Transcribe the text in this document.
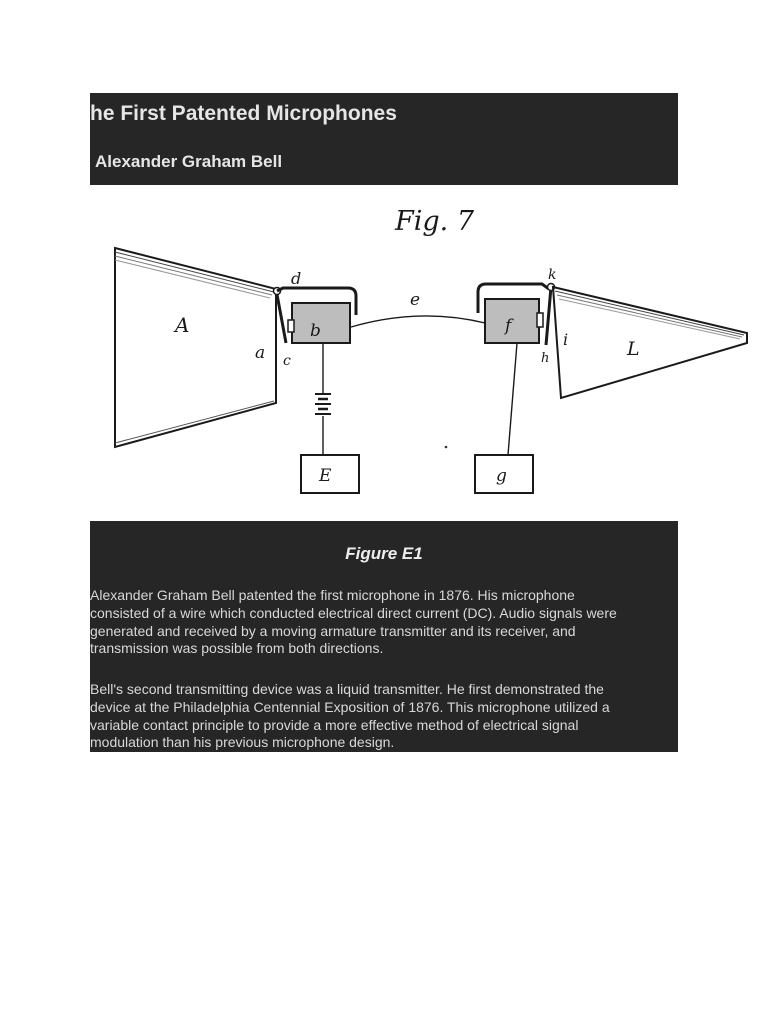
he First Patented Microphones
Alexander Graham Bell
Fig. 7
A
a c
d
b
e
E
f
g
k
i
h	L

Figure E1

Alexander Graham Bell patented the first microphone in 1876. His microphone
consisted of a wire which conducted electrical direct current (DC). Audio signals were
generated and received by a moving armature transmitter and its receiver, and
transmission was possible from both directions.

Bell's second transmitting device was a liquid transmitter. He first demonstrated the
device at the Philadelphia Centennial Exposition of 1876. This microphone utilized a
variable contact principle to provide a more effective method of electrical signal
modulation than his previous microphone design.
